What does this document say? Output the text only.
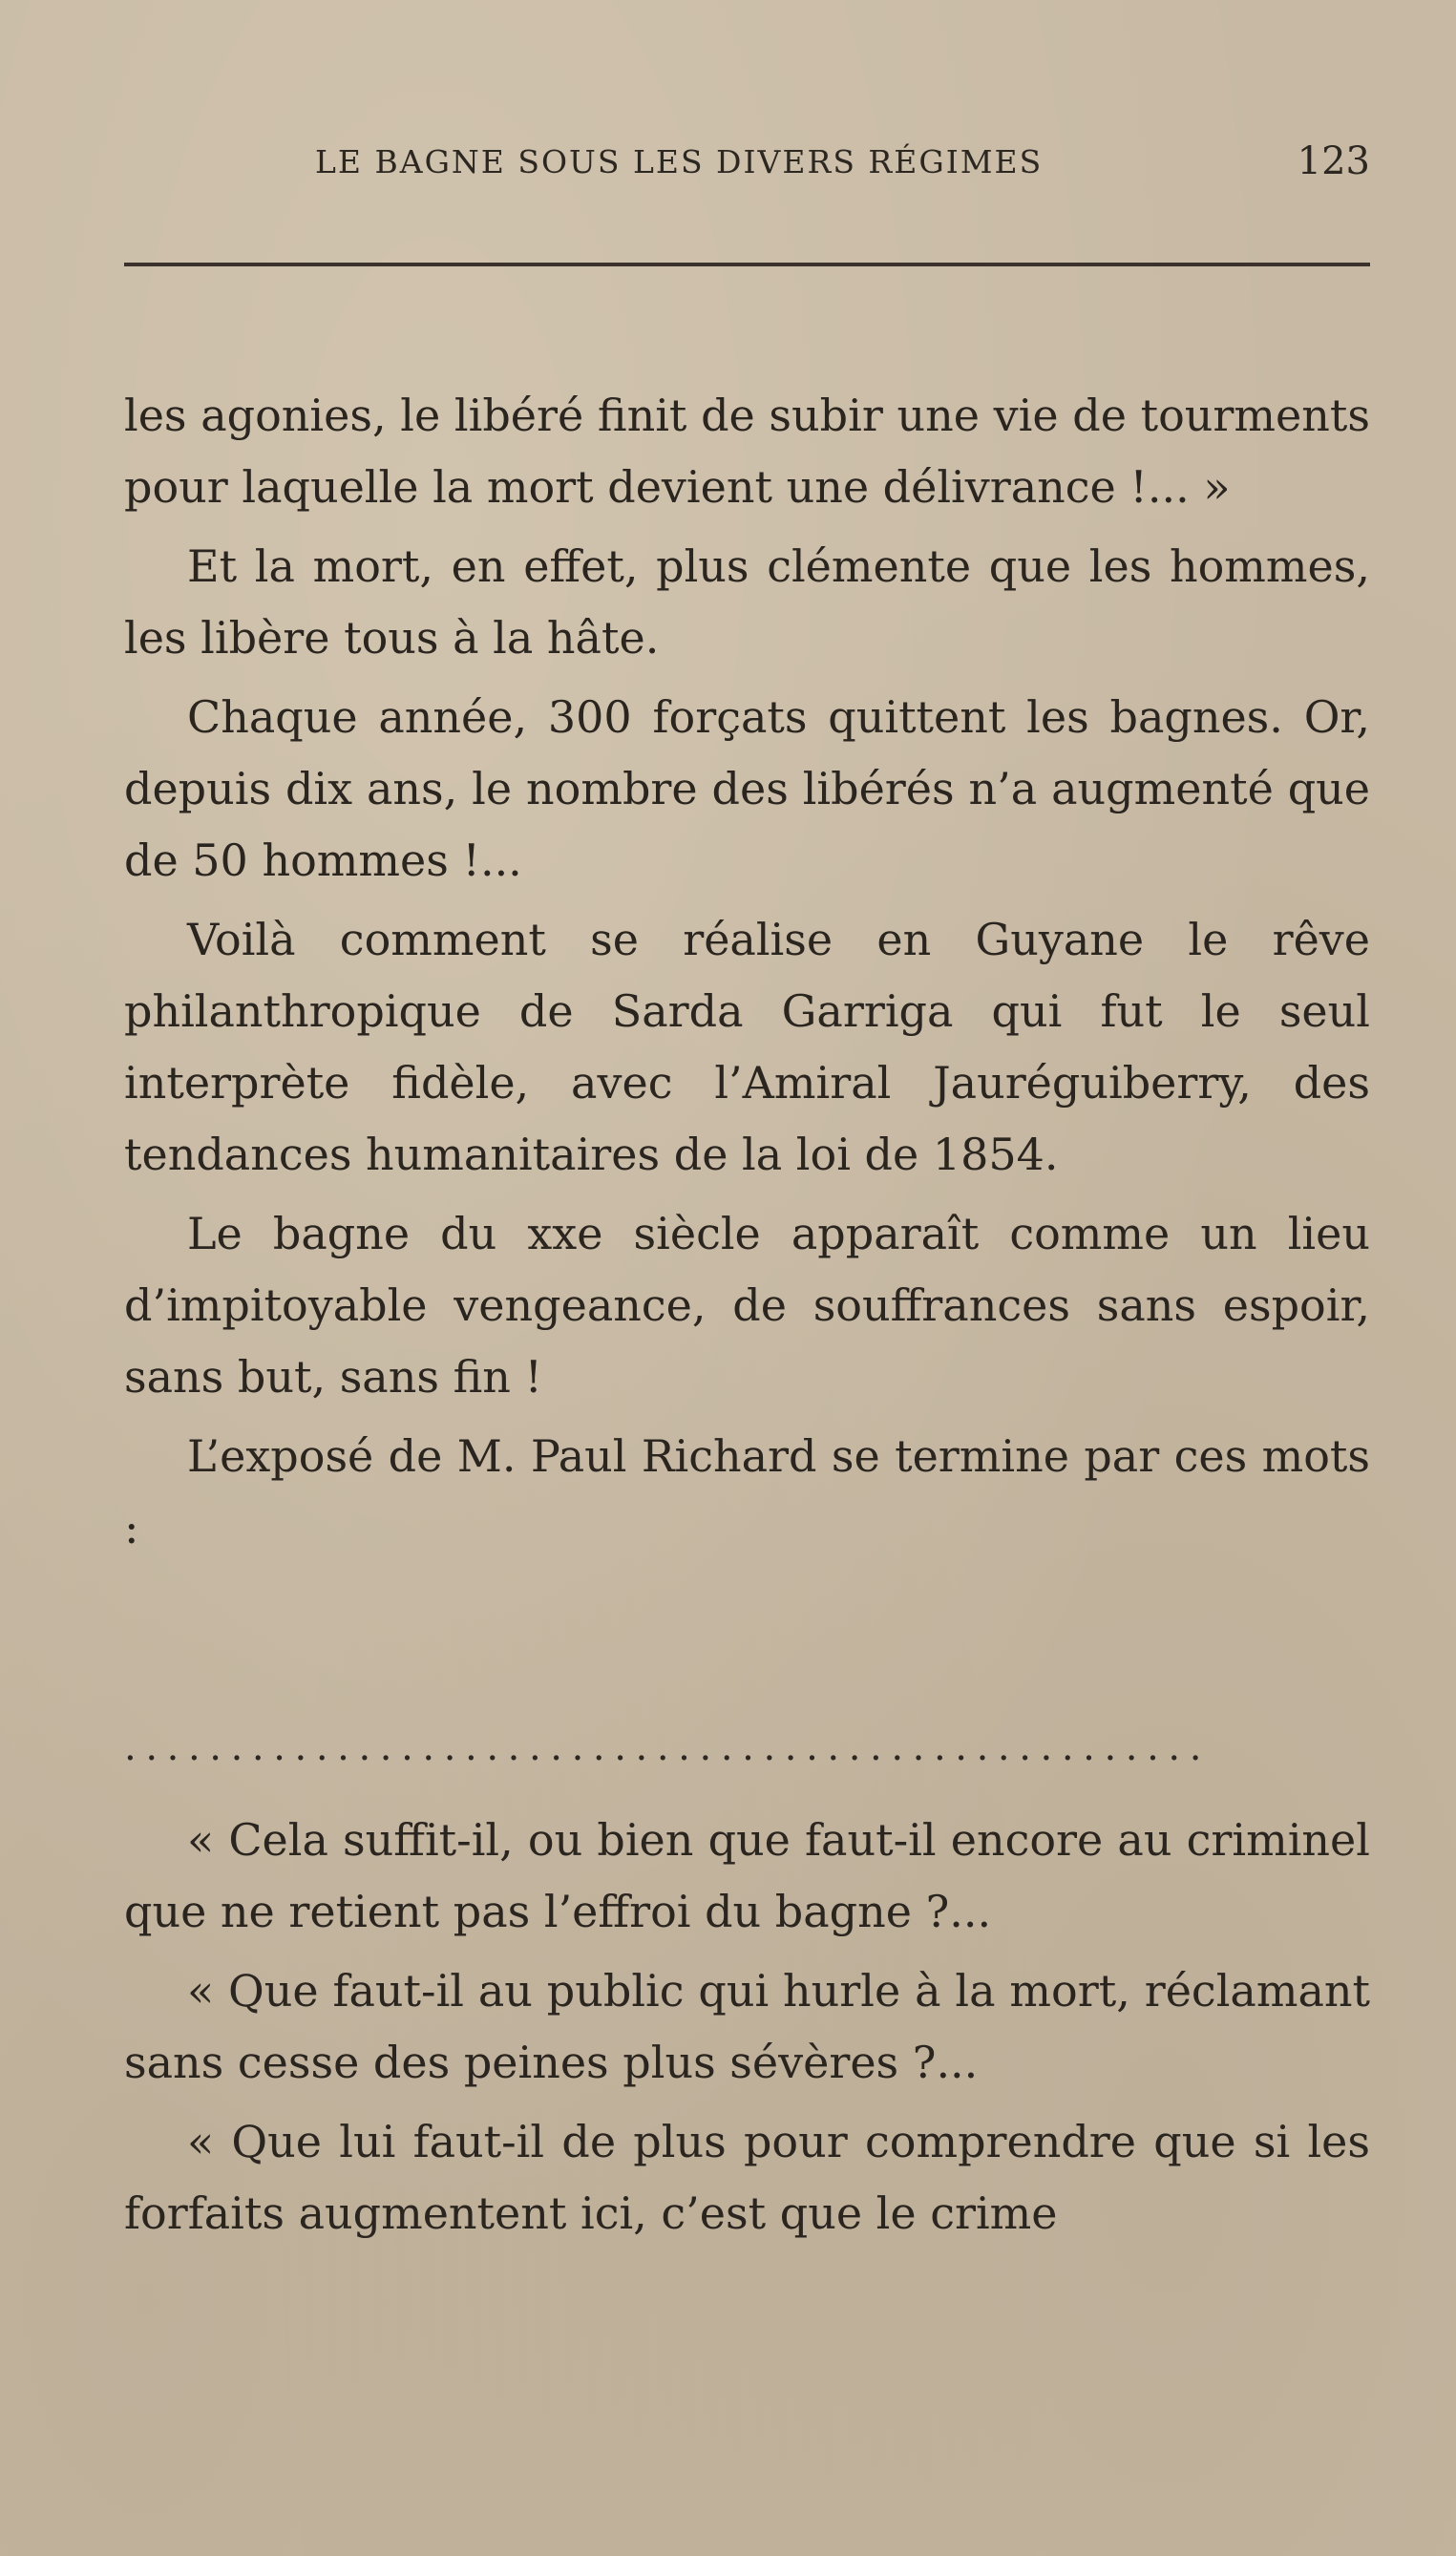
LE BAGNE SOUS LES DIVERS RÉGIMES	123

les agonies, le libéré finit de subir une vie de tourments pour laquelle la mort devient une délivrance !... »

Et la mort, en effet, plus clémente que les hommes, les libère tous à la hâte.

Chaque année, 300 forçats quittent les bagnes. Or, depuis dix ans, le nombre des libérés n’a augmenté que de 50 hommes !...

Voilà comment se réalise en Guyane le rêve philanthropique de Sarda Garriga qui fut le seul interprète fidèle, avec l’Amiral Jauréguiberry, des tendances humanitaires de la loi de 1854.

Le bagne du xxe siècle apparaît comme un lieu d’impitoyable vengeance, de souffrances sans espoir, sans but, sans fin !

L’exposé de M. Paul Richard se termine par ces mots :

...................................................

« Cela suffit-il, ou bien que faut-il encore au criminel que ne retient pas l’effroi du bagne ?...

« Que faut-il au public qui hurle à la mort, réclamant sans cesse des peines plus sévères ?...

« Que lui faut-il de plus pour comprendre que si les forfaits augmentent ici, c’est que le crime
